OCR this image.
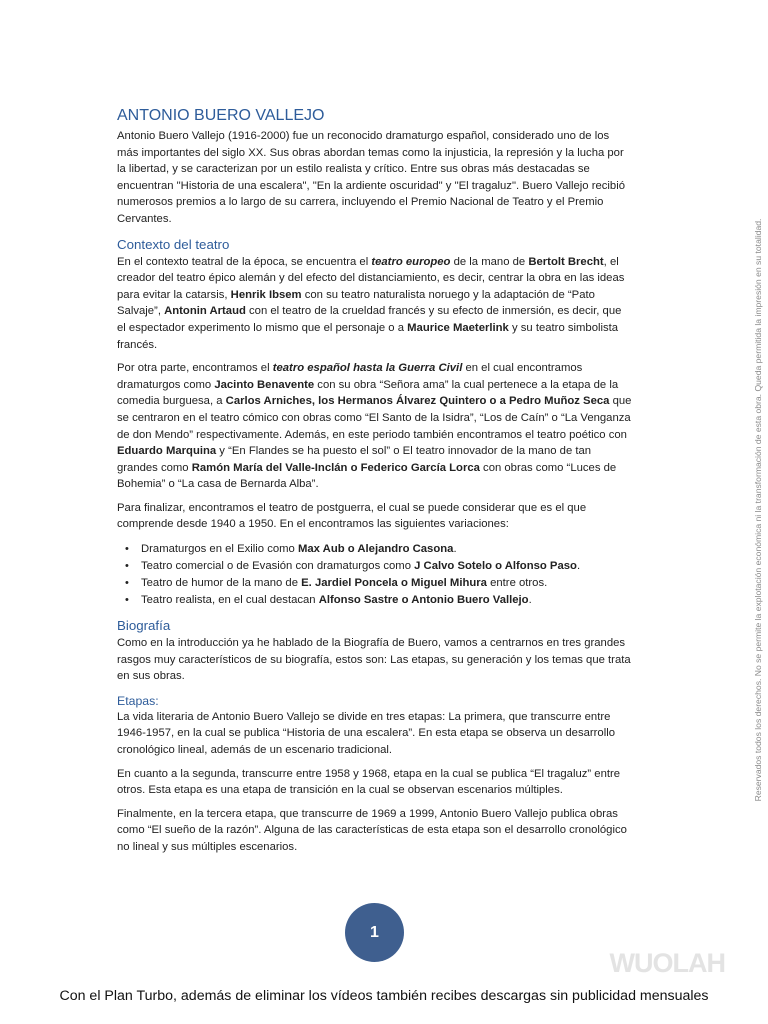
ANTONIO BUERO VALLEJO

Antonio Buero Vallejo (1916-2000) fue un reconocido dramaturgo español, considerado uno de los más importantes del siglo XX. Sus obras abordan temas como la injusticia, la represión y la lucha por la libertad, y se caracterizan por un estilo realista y crítico. Entre sus obras más destacadas se encuentran "Historia de una escalera", "En la ardiente oscuridad" y "El tragaluz". Buero Vallejo recibió numerosos premios a lo largo de su carrera, incluyendo el Premio Nacional de Teatro y el Premio Cervantes.

Contexto del teatro

En el contexto teatral de la época, se encuentra el teatro europeo de la mano de Bertolt Brecht, el creador del teatro épico alemán y del efecto del distanciamiento, es decir, centrar la obra en las ideas para evitar la catarsis, Henrik Ibsem con su teatro naturalista noruego y la adaptación de “Pato Salvaje”, Antonin Artaud con el teatro de la crueldad francés y su efecto de inmersión, es decir, que el espectador experimento lo mismo que el personaje o a Maurice Maeterlink y su teatro simbolista francés.

Por otra parte, encontramos el teatro español hasta la Guerra Civil en el cual encontramos dramaturgos como Jacinto Benavente con su obra “Señora ama” la cual pertenece a la etapa de la comedia burguesa, a Carlos Arniches, los Hermanos Álvarez Quintero o a Pedro Muñoz Seca que se centraron en el teatro cómico con obras como “El Santo de la Isidra”, “Los de Caín” o “La Venganza de don Mendo” respectivamente. Además, en este periodo también encontramos el teatro poético con Eduardo Marquina y “En Flandes se ha puesto el sol” o El teatro innovador de la mano de tan grandes como Ramón María del Valle-Inclán o Federico García Lorca con obras como “Luces de Bohemia” o “La casa de Bernarda Alba”.

Para finalizar, encontramos el teatro de postguerra, el cual se puede considerar que es el que comprende desde 1940 a 1950. En el encontramos las siguientes variaciones:

• Dramaturgos en el Exilio como Max Aub o Alejandro Casona.
• Teatro comercial o de Evasión con dramaturgos como J Calvo Sotelo o Alfonso Paso.
• Teatro de humor de la mano de E. Jardiel Poncela o Miguel Mihura entre otros.
• Teatro realista, en el cual destacan Alfonso Sastre o Antonio Buero Vallejo.
Biografía

Como en la introducción ya he hablado de la Biografía de Buero, vamos a centrarnos en tres grandes rasgos muy característicos de su biografía, estos son: Las etapas, su generación y los temas que trata en sus obras.

Etapas:

La vida literaria de Antonio Buero Vallejo se divide en tres etapas: La primera, que transcurre entre 1946-1957, en la cual se publica “Historia de una escalera”. En esta etapa se observa un desarrollo cronológico lineal, además de un escenario tradicional.

En cuanto a la segunda, transcurre entre 1958 y 1968, etapa en la cual se publica “El tragaluz” entre otros. Esta etapa es una etapa de transición en la cual se observan escenarios múltiples.

Finalmente, en la tercera etapa, que transcurre de 1969 a 1999, Antonio Buero Vallejo publica obras como “El sueño de la razón”. Alguna de las características de esta etapa son el desarrollo cronológico no lineal y sus múltiples escenarios.

Reservados todos los derechos. No se permite la explotación económica ni la transformación de esta obra. Queda permitida la impresión en su totalidad.
1
WUOLAH
Con el Plan Turbo, además de eliminar los vídeos también recibes descargas sin publicidad mensuales
